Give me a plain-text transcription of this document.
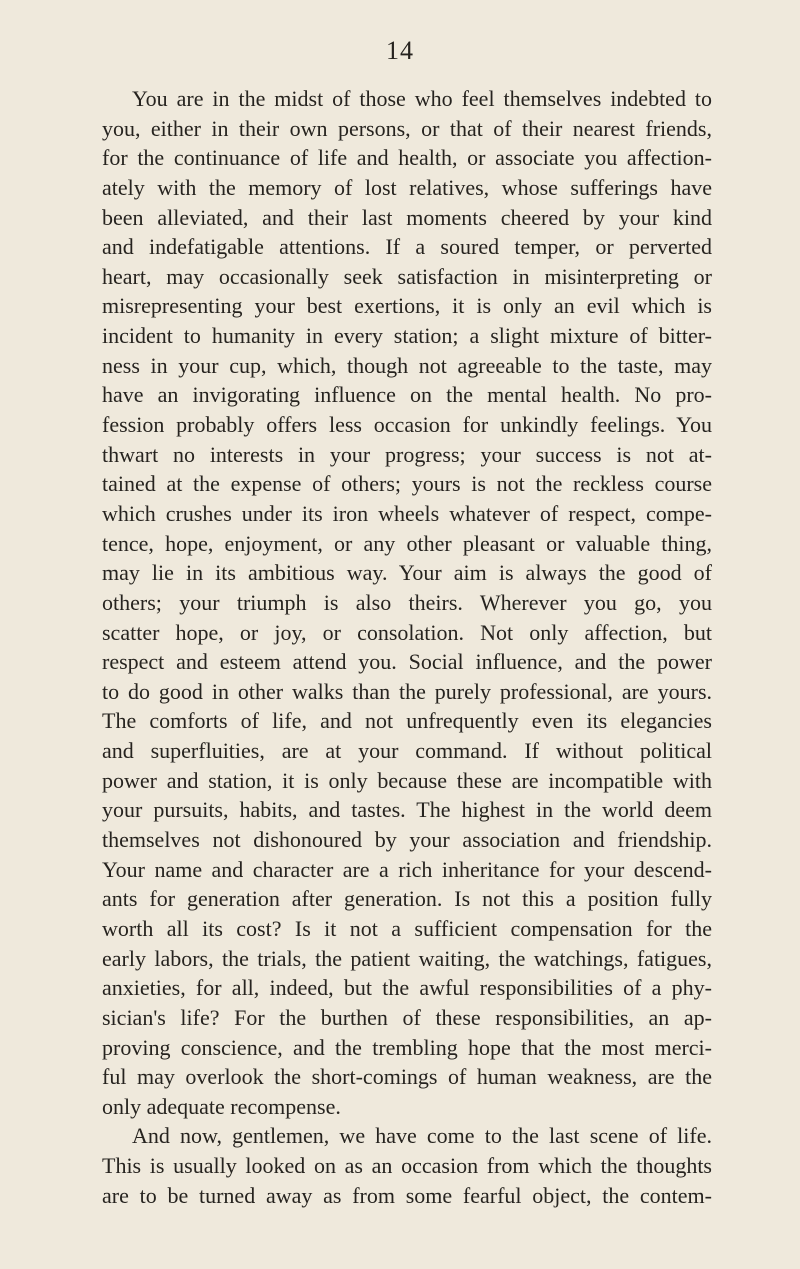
14
You are in the midst of those who feel themselves indebted to
you, either in their own persons, or that of their nearest friends,
for the continuance of life and health, or associate you affection-
ately with the memory of lost relatives, whose sufferings have
been alleviated, and their last moments cheered by your kind
and indefatigable attentions. If a soured temper, or perverted
heart, may occasionally seek satisfaction in misinterpreting or
misrepresenting your best exertions, it is only an evil which is
incident to humanity in every station; a slight mixture of bitter-
ness in your cup, which, though not agreeable to the taste, may
have an invigorating influence on the mental health. No pro-
fession probably offers less occasion for unkindly feelings. You
thwart no interests in your progress; your success is not at-
tained at the expense of others; yours is not the reckless course
which crushes under its iron wheels whatever of respect, compe-
tence, hope, enjoyment, or any other pleasant or valuable thing,
may lie in its ambitious way. Your aim is always the good of
others; your triumph is also theirs. Wherever you go, you
scatter hope, or joy, or consolation. Not only affection, but
respect and esteem attend you. Social influence, and the power
to do good in other walks than the purely professional, are yours.
The comforts of life, and not unfrequently even its elegancies
and superfluities, are at your command. If without political
power and station, it is only because these are incompatible with
your pursuits, habits, and tastes. The highest in the world deem
themselves not dishonoured by your association and friendship.
Your name and character are a rich inheritance for your descend-
ants for generation after generation. Is not this a position fully
worth all its cost? Is it not a sufficient compensation for the
early labors, the trials, the patient waiting, the watchings, fatigues,
anxieties, for all, indeed, but the awful responsibilities of a phy-
sician's life? For the burthen of these responsibilities, an ap-
proving conscience, and the trembling hope that the most merci-
ful may overlook the short-comings of human weakness, are the
only adequate recompense.
And now, gentlemen, we have come to the last scene of life.
This is usually looked on as an occasion from which the thoughts
are to be turned away as from some fearful object, the contem-
